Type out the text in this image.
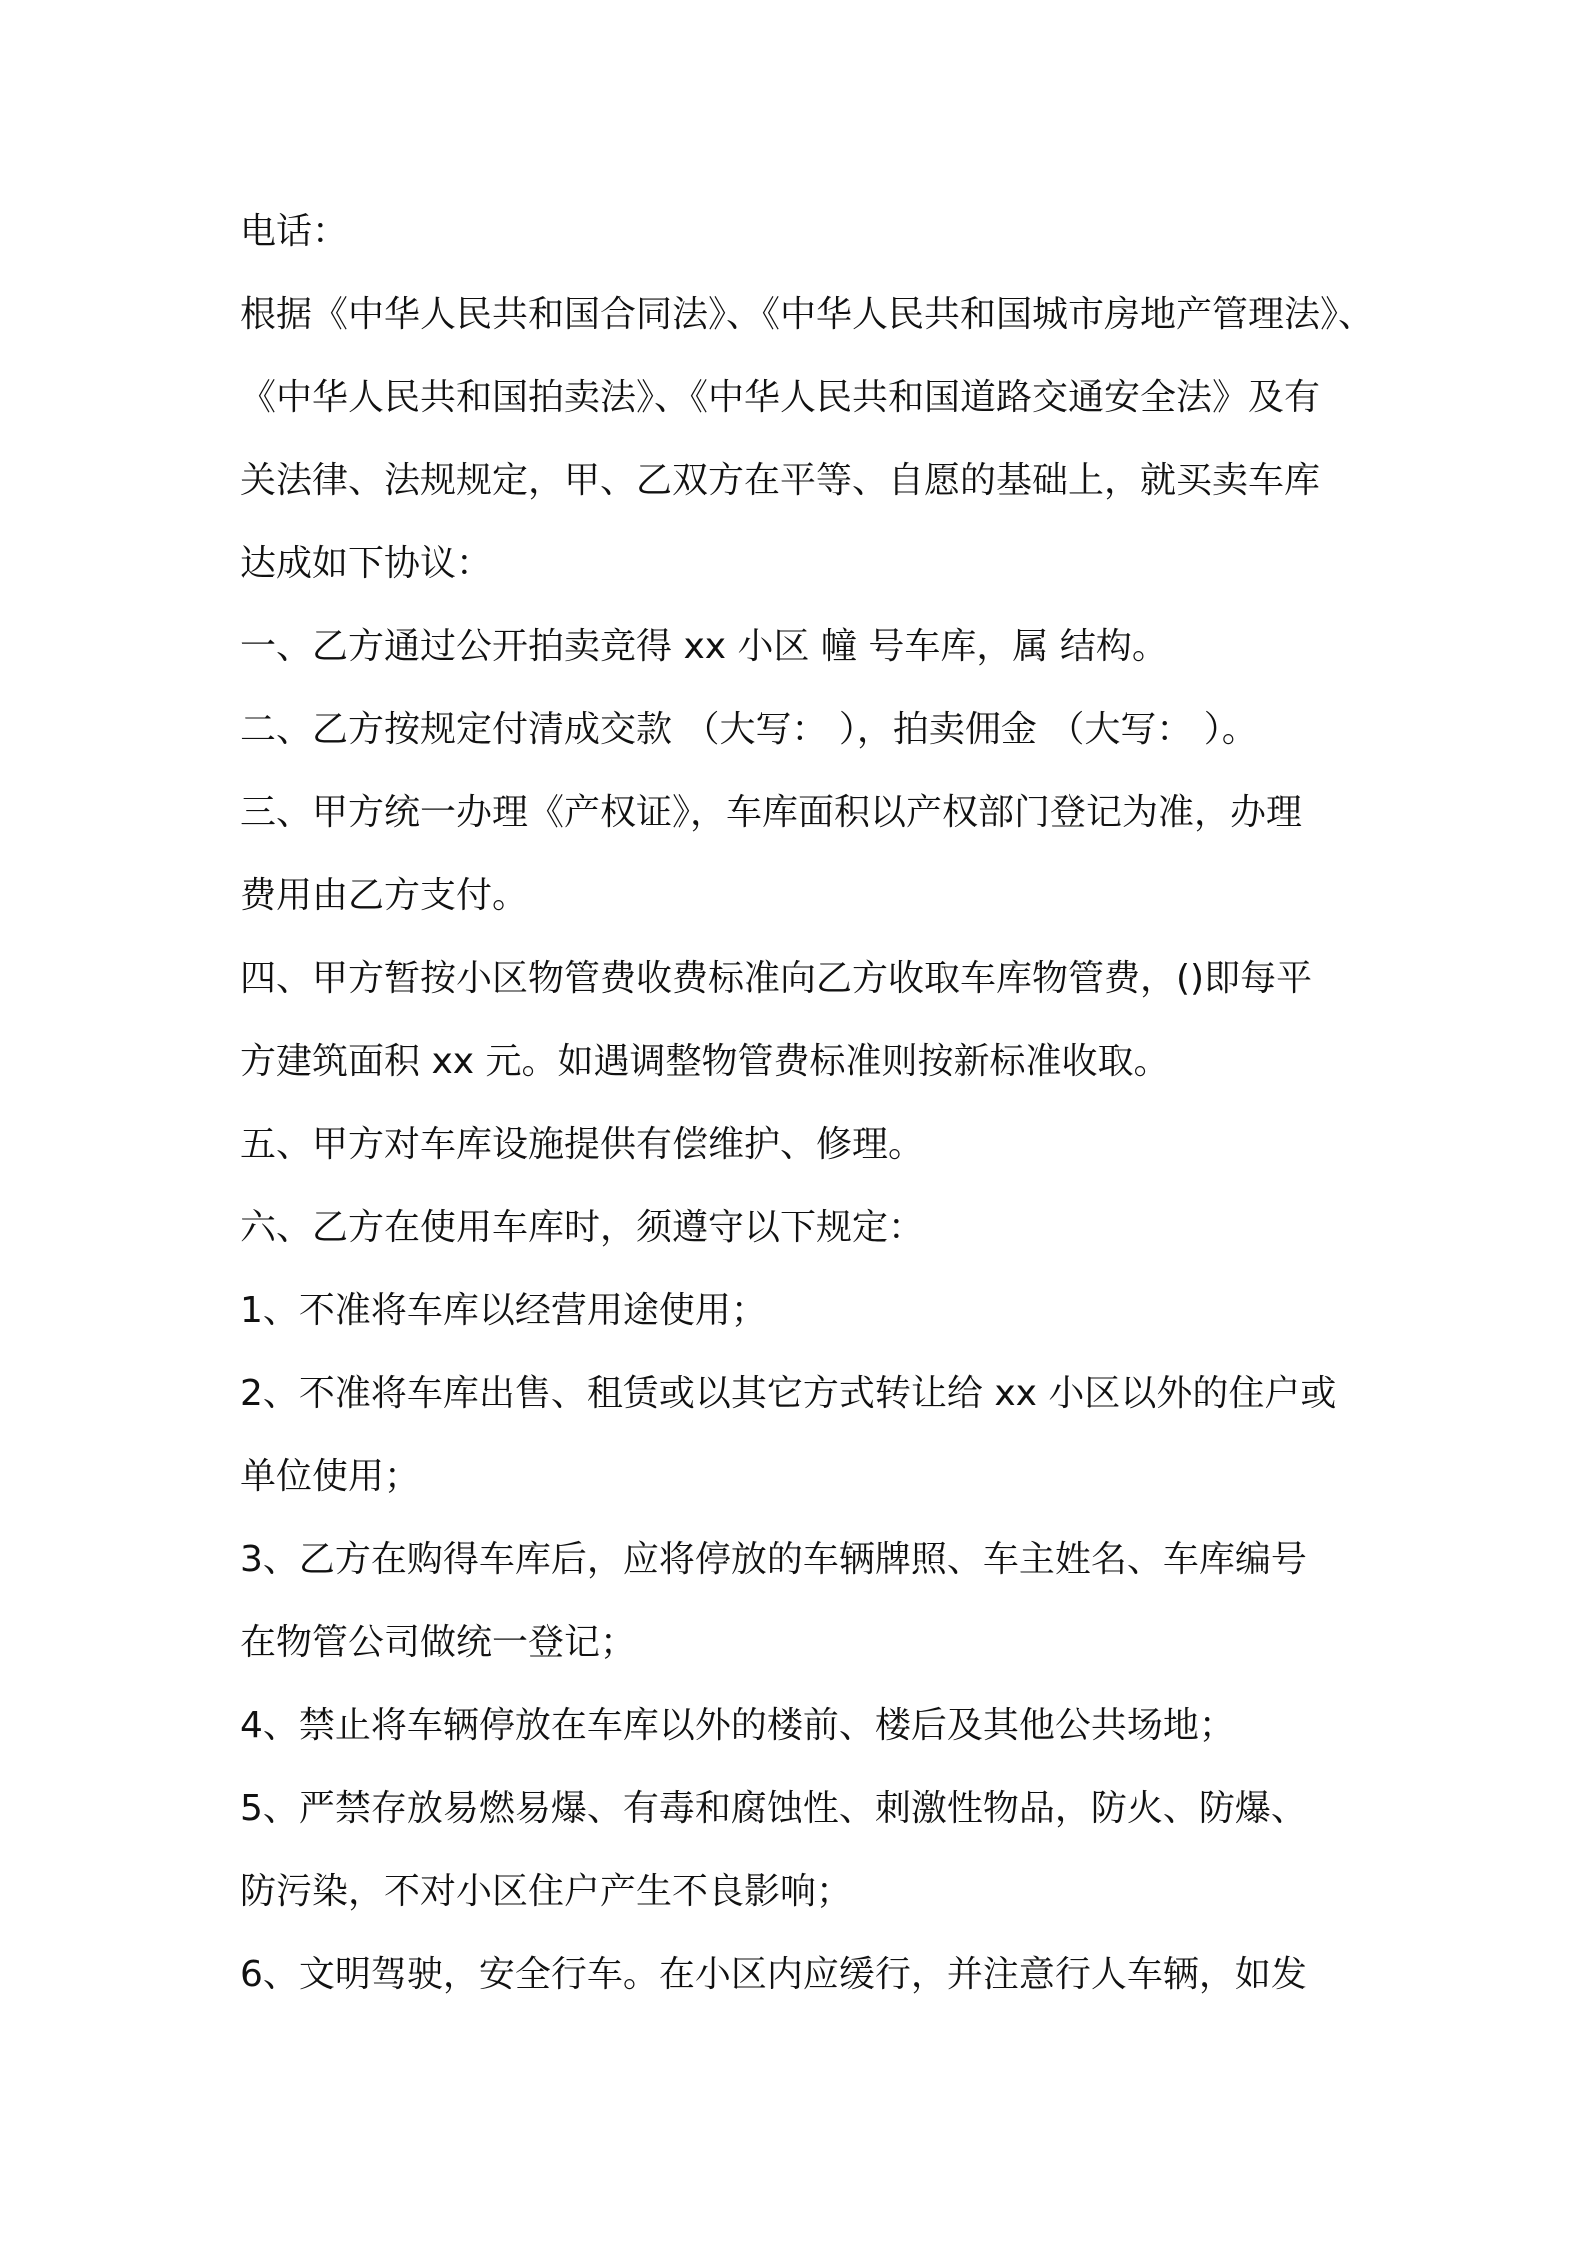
电话：
根据《中华人民共和国合同法》、《中华人民共和国城市房地产管理法》、
《中华人民共和国拍卖法》、《中华人民共和国道路交通安全法》及有
关法律、法规规定，甲、乙双方在平等、自愿的基础上，就买卖车库
达成如下协议：
一、乙方通过公开拍卖竞得 xx 小区 幢 号车库，属 结构。
二、乙方按规定付清成交款 （大写： ），拍卖佣金 （大写： ）。
三、甲方统一办理《产权证》，车库面积以产权部门登记为准，办理
费用由乙方支付。
四、甲方暂按小区物管费收费标准向乙方收取车库物管费，()即每平
方建筑面积 xx 元。如遇调整物管费标准则按新标准收取。
五、甲方对车库设施提供有偿维护、修理。
六、乙方在使用车库时，须遵守以下规定：
1、不准将车库以经营用途使用；
2、不准将车库出售、租赁或以其它方式转让给 xx 小区以外的住户或
单位使用；
3、乙方在购得车库后，应将停放的车辆牌照、车主姓名、车库编号
在物管公司做统一登记；
4、禁止将车辆停放在车库以外的楼前、楼后及其他公共场地；
5、严禁存放易燃易爆、有毒和腐蚀性、刺激性物品，防火、防爆、
防污染，不对小区住户产生不良影响；
6、文明驾驶，安全行车。在小区内应缓行，并注意行人车辆，如发
